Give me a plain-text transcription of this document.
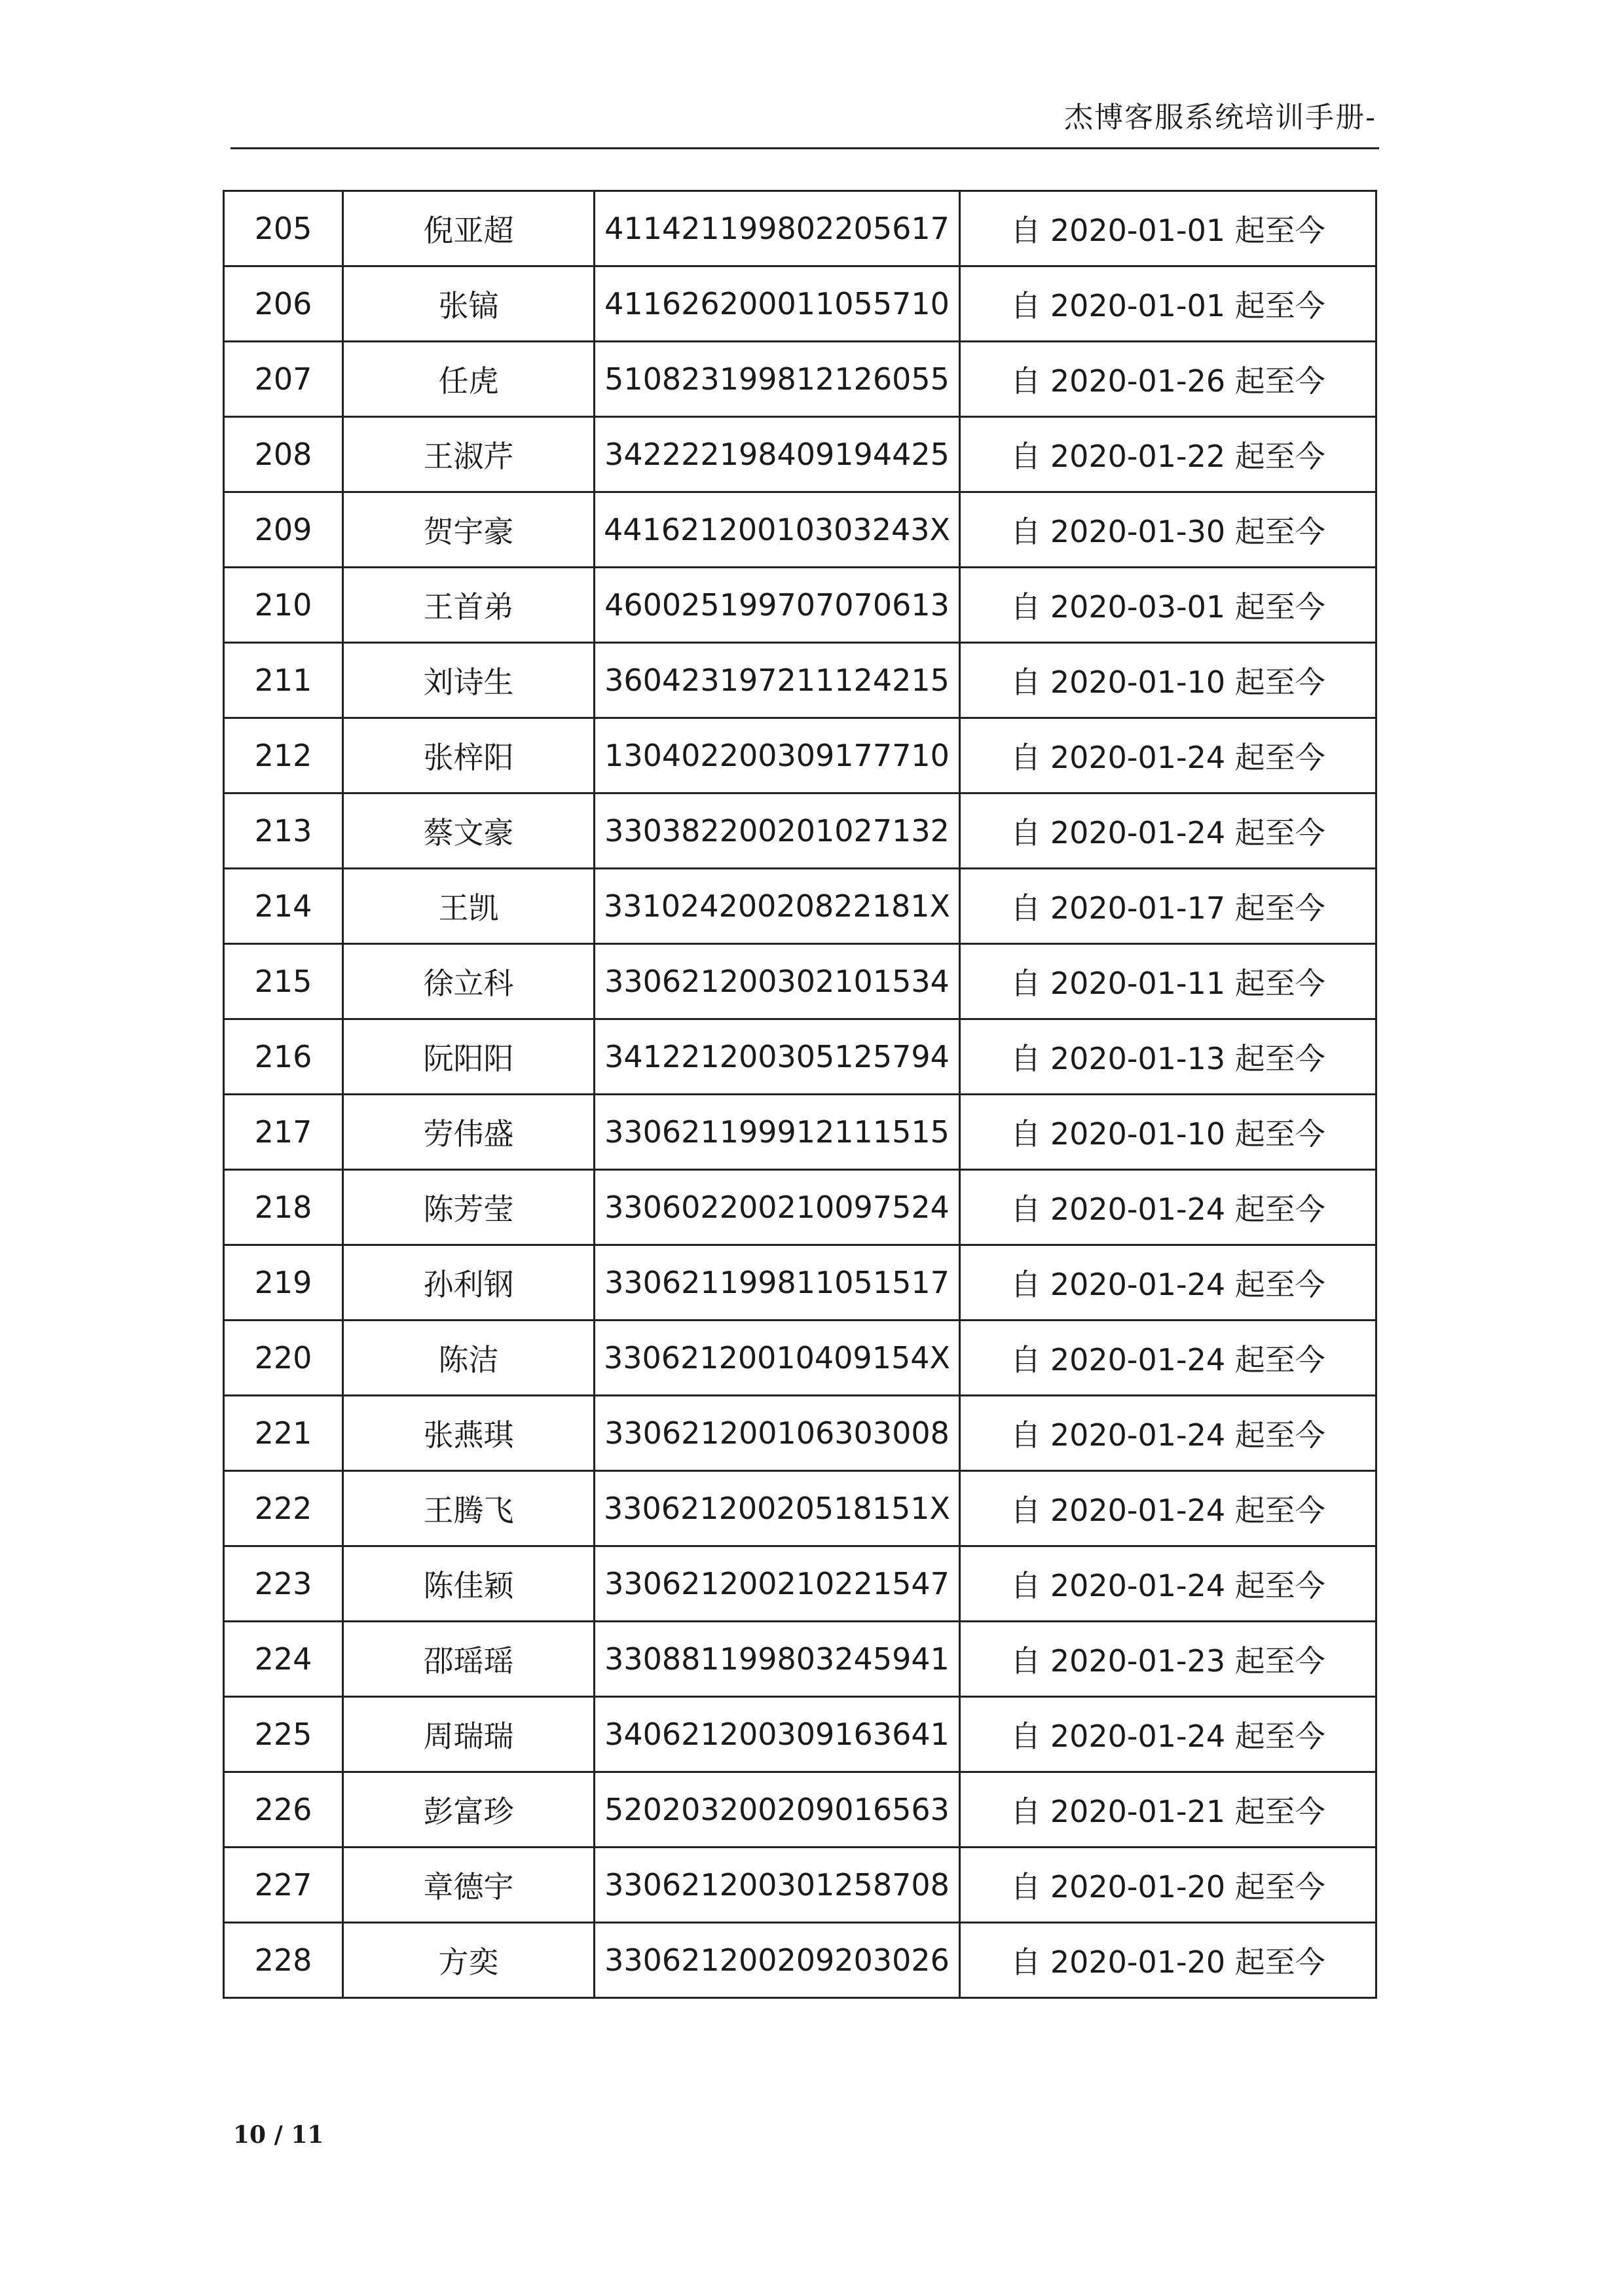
杰博客服系统培训手册-
205	倪亚超	411421199802205617	自 2020-01-01 起至今
206	张镐	411626200011055710	自 2020-01-01 起至今
207	任虎	510823199812126055	自 2020-01-26 起至今
208	王淑芹	342222198409194425	自 2020-01-22 起至今
209	贺宇豪	44162120010303243X	自 2020-01-30 起至今
210	王首弟	460025199707070613	自 2020-03-01 起至今
211	刘诗生	360423197211124215	自 2020-01-10 起至今
212	张梓阳	130402200309177710	自 2020-01-24 起至今
213	蔡文豪	330382200201027132	自 2020-01-24 起至今
214	王凯	33102420020822181X	自 2020-01-17 起至今
215	徐立科	330621200302101534	自 2020-01-11 起至今
216	阮阳阳	341221200305125794	自 2020-01-13 起至今
217	劳伟盛	330621199912111515	自 2020-01-10 起至今
218	陈芳莹	330602200210097524	自 2020-01-24 起至今
219	孙利钢	330621199811051517	自 2020-01-24 起至今
220	陈洁	33062120010409154X	自 2020-01-24 起至今
221	张燕琪	330621200106303008	自 2020-01-24 起至今
222	王腾飞	33062120020518151X	自 2020-01-24 起至今
223	陈佳颖	330621200210221547	自 2020-01-24 起至今
224	邵瑶瑶	330881199803245941	自 2020-01-23 起至今
225	周瑞瑞	340621200309163641	自 2020-01-24 起至今
226	彭富珍	520203200209016563	自 2020-01-21 起至今
227	章德宇	330621200301258708	自 2020-01-20 起至今
228	方奕	330621200209203026	自 2020-01-20 起至今
10 / 11
